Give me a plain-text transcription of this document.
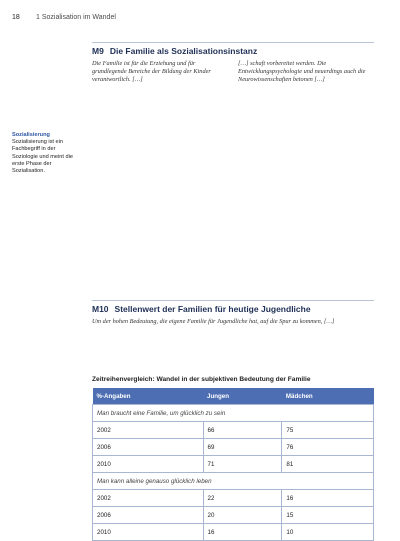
18 1 Sozialisation im Wandel
M9 Die Familie als Sozialisationsinstanz
Sozialisierung
Sozialisierung ist ein Fachbegriff in der Soziologie und meint die erste Phase der Sozialisation.
Die Familie ist für die Erziehung und für grundlegende Bereiche der Bildung der Kinder verantwortlich. […]
[…] schaft vorbereitet werden. Die Entwicklungspsychologie und neuerdings auch die Neurowissenschaften betonen […]
M10 Stellenwert der Familien für heutige Jugendliche
Um der hohen Bedeutung, die eigene Familie für Jugendliche hat, auf die Spur zu kommen, […]
Zeitreihenvergleich: Wandel in der subjektiven Bedeutung der Familie
%-Angaben	Jungen	Mädchen
Man braucht eine Familie, um glücklich zu sein		
2002	66	75
2006	69	76
2010	71	81
Man kann alleine genauso glücklich leben		
2002	22	16
2006	20	15
2010	16	10
